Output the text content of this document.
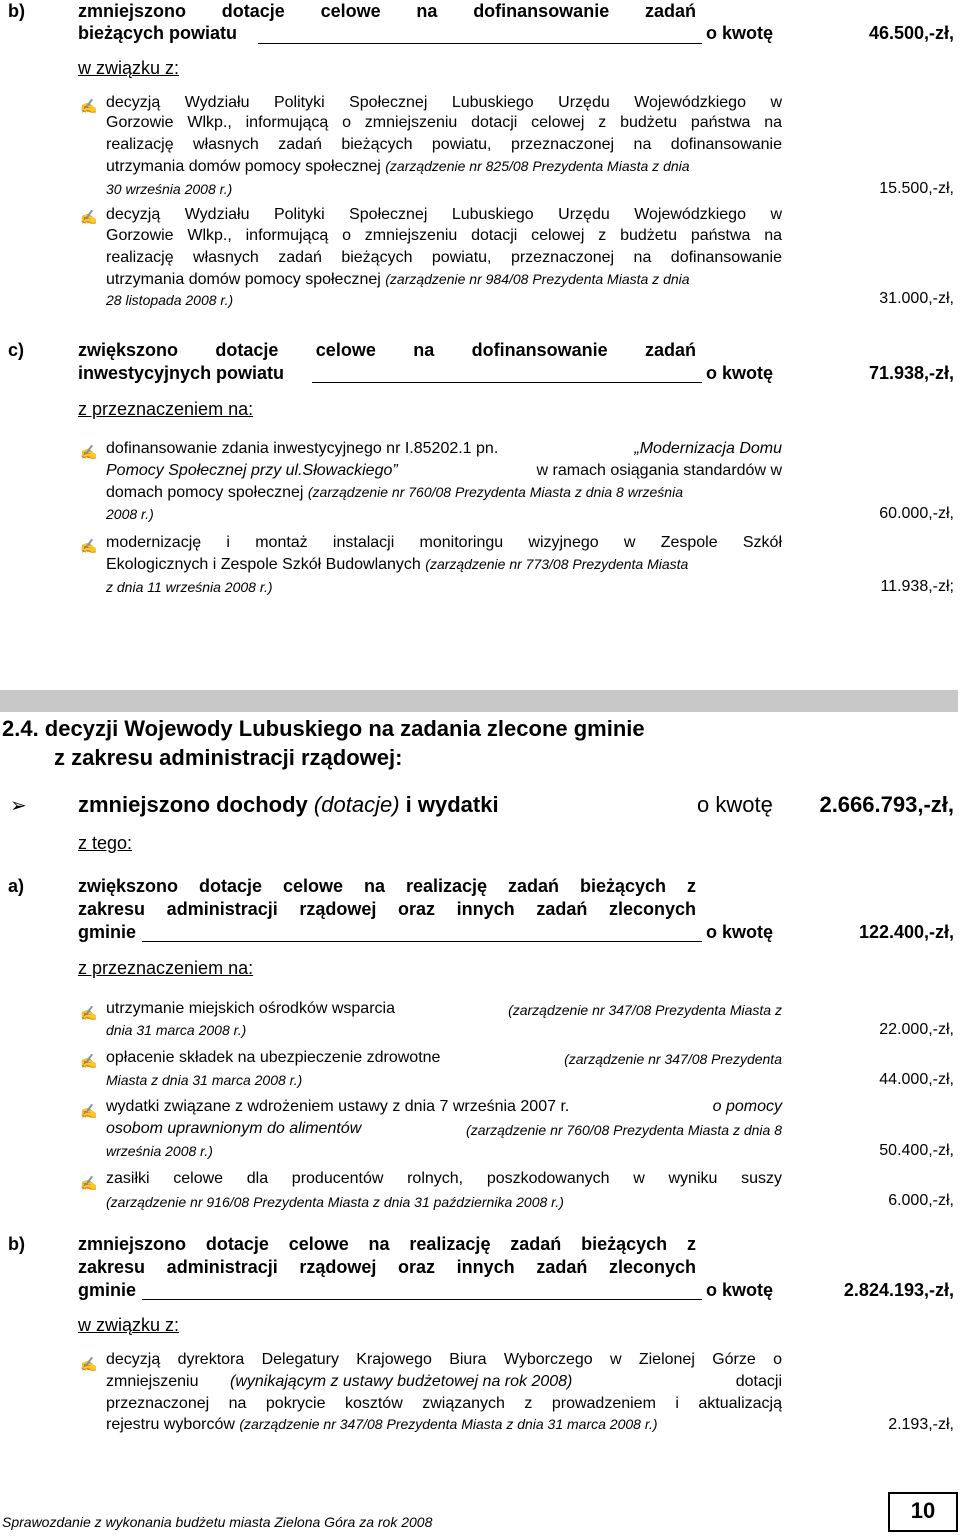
b)	zmniejszono dotacje celowe na dofinansowanie zadań
bieżących powiatu	o kwotę	46.500,-zł,
w związku z:
✍ decyzją Wydziału Polityki Społecznej Lubuskiego Urzędu Wojewódzkiego w
Gorzowie Wlkp., informującą o zmniejszeniu dotacji celowej z budżetu państwa na
realizację własnych zadań bieżących powiatu, przeznaczonej na dofinansowanie
utrzymania domów pomocy społecznej (zarządzenie nr 825/08 Prezydenta Miasta z dnia
30 września 2008 r.)	15.500,-zł,
✍ decyzją Wydziału Polityki Społecznej Lubuskiego Urzędu Wojewódzkiego w
Gorzowie Wlkp., informującą o zmniejszeniu dotacji celowej z budżetu państwa na
realizację własnych zadań bieżących powiatu, przeznaczonej na dofinansowanie
utrzymania domów pomocy społecznej (zarządzenie nr 984/08 Prezydenta Miasta z dnia
28 listopada 2008 r.)	31.000,-zł,
c)	zwiększono dotacje celowe na dofinansowanie zadań
inwestycyjnych powiatu	o kwotę	71.938,-zł,
z przeznaczeniem na:
✍ dofinansowanie zdania inwestycyjnego nr I.85202.1 pn.	„Modernizacja Domu
Pomocy Społecznej przy ul.Słowackiego”	w ramach osiągania standardów w
domach pomocy społecznej (zarządzenie nr 760/08 Prezydenta Miasta z dnia 8 września
2008 r.)	60.000,-zł,
✍ modernizację i montaż instalacji monitoringu wizyjnego w Zespole Szkół
Ekologicznych i Zespole Szkół Budowlanych (zarządzenie nr 773/08 Prezydenta Miasta
z dnia 11 września 2008 r.)	11.938,-zł;
2.4. decyzji Wojewody Lubuskiego na zadania zlecone gminie
z zakresu administracji rządowej:
➢ zmniejszono dochody (dotacje) i wydatki	o kwotę 2.666.793,-zł,
z tego:
a)	zwiększono dotacje celowe na realizację zadań bieżących z
zakresu administracji rządowej oraz innych zadań zleconych
gminie	o kwotę	122.400,-zł,
z przeznaczeniem na:
✍ utrzymanie miejskich ośrodków wsparcia	(zarządzenie nr 347/08 Prezydenta Miasta z
dnia 31 marca 2008 r.)	22.000,-zł,
✍ opłacenie składek na ubezpieczenie zdrowotne	(zarządzenie nr 347/08 Prezydenta
Miasta z dnia 31 marca 2008 r.)	44.000,-zł,
✍ wydatki związane z wdrożeniem ustawy z dnia 7 września 2007 r.	o pomocy
osobom uprawnionym do alimentów	(zarządzenie nr 760/08 Prezydenta Miasta z dnia 8
września 2008 r.)	50.400,-zł,
✍ zasiłki celowe dla producentów rolnych, poszkodowanych w wyniku suszy
(zarządzenie nr 916/08 Prezydenta Miasta z dnia 31 października 2008 r.)	6.000,-zł,
b)	zmniejszono dotacje celowe na realizację zadań bieżących z
zakresu administracji rządowej oraz innych zadań zleconych
gminie	o kwotę	2.824.193,-zł,
w związku z:
✍ decyzją dyrektora Delegatury Krajowego Biura Wyborczego w Zielonej Górze o
zmniejszeniu (wynikającym z ustawy budżetowej na rok 2008)	dotacji
przeznaczonej na pokrycie kosztów związanych z prowadzeniem i aktualizacją
rejestru wyborców (zarządzenie nr 347/08 Prezydenta Miasta z dnia 31 marca 2008 r.)	2.193,-zł,
Sprawozdanie z wykonania budżetu miasta Zielona Góra za rok 2008	10
